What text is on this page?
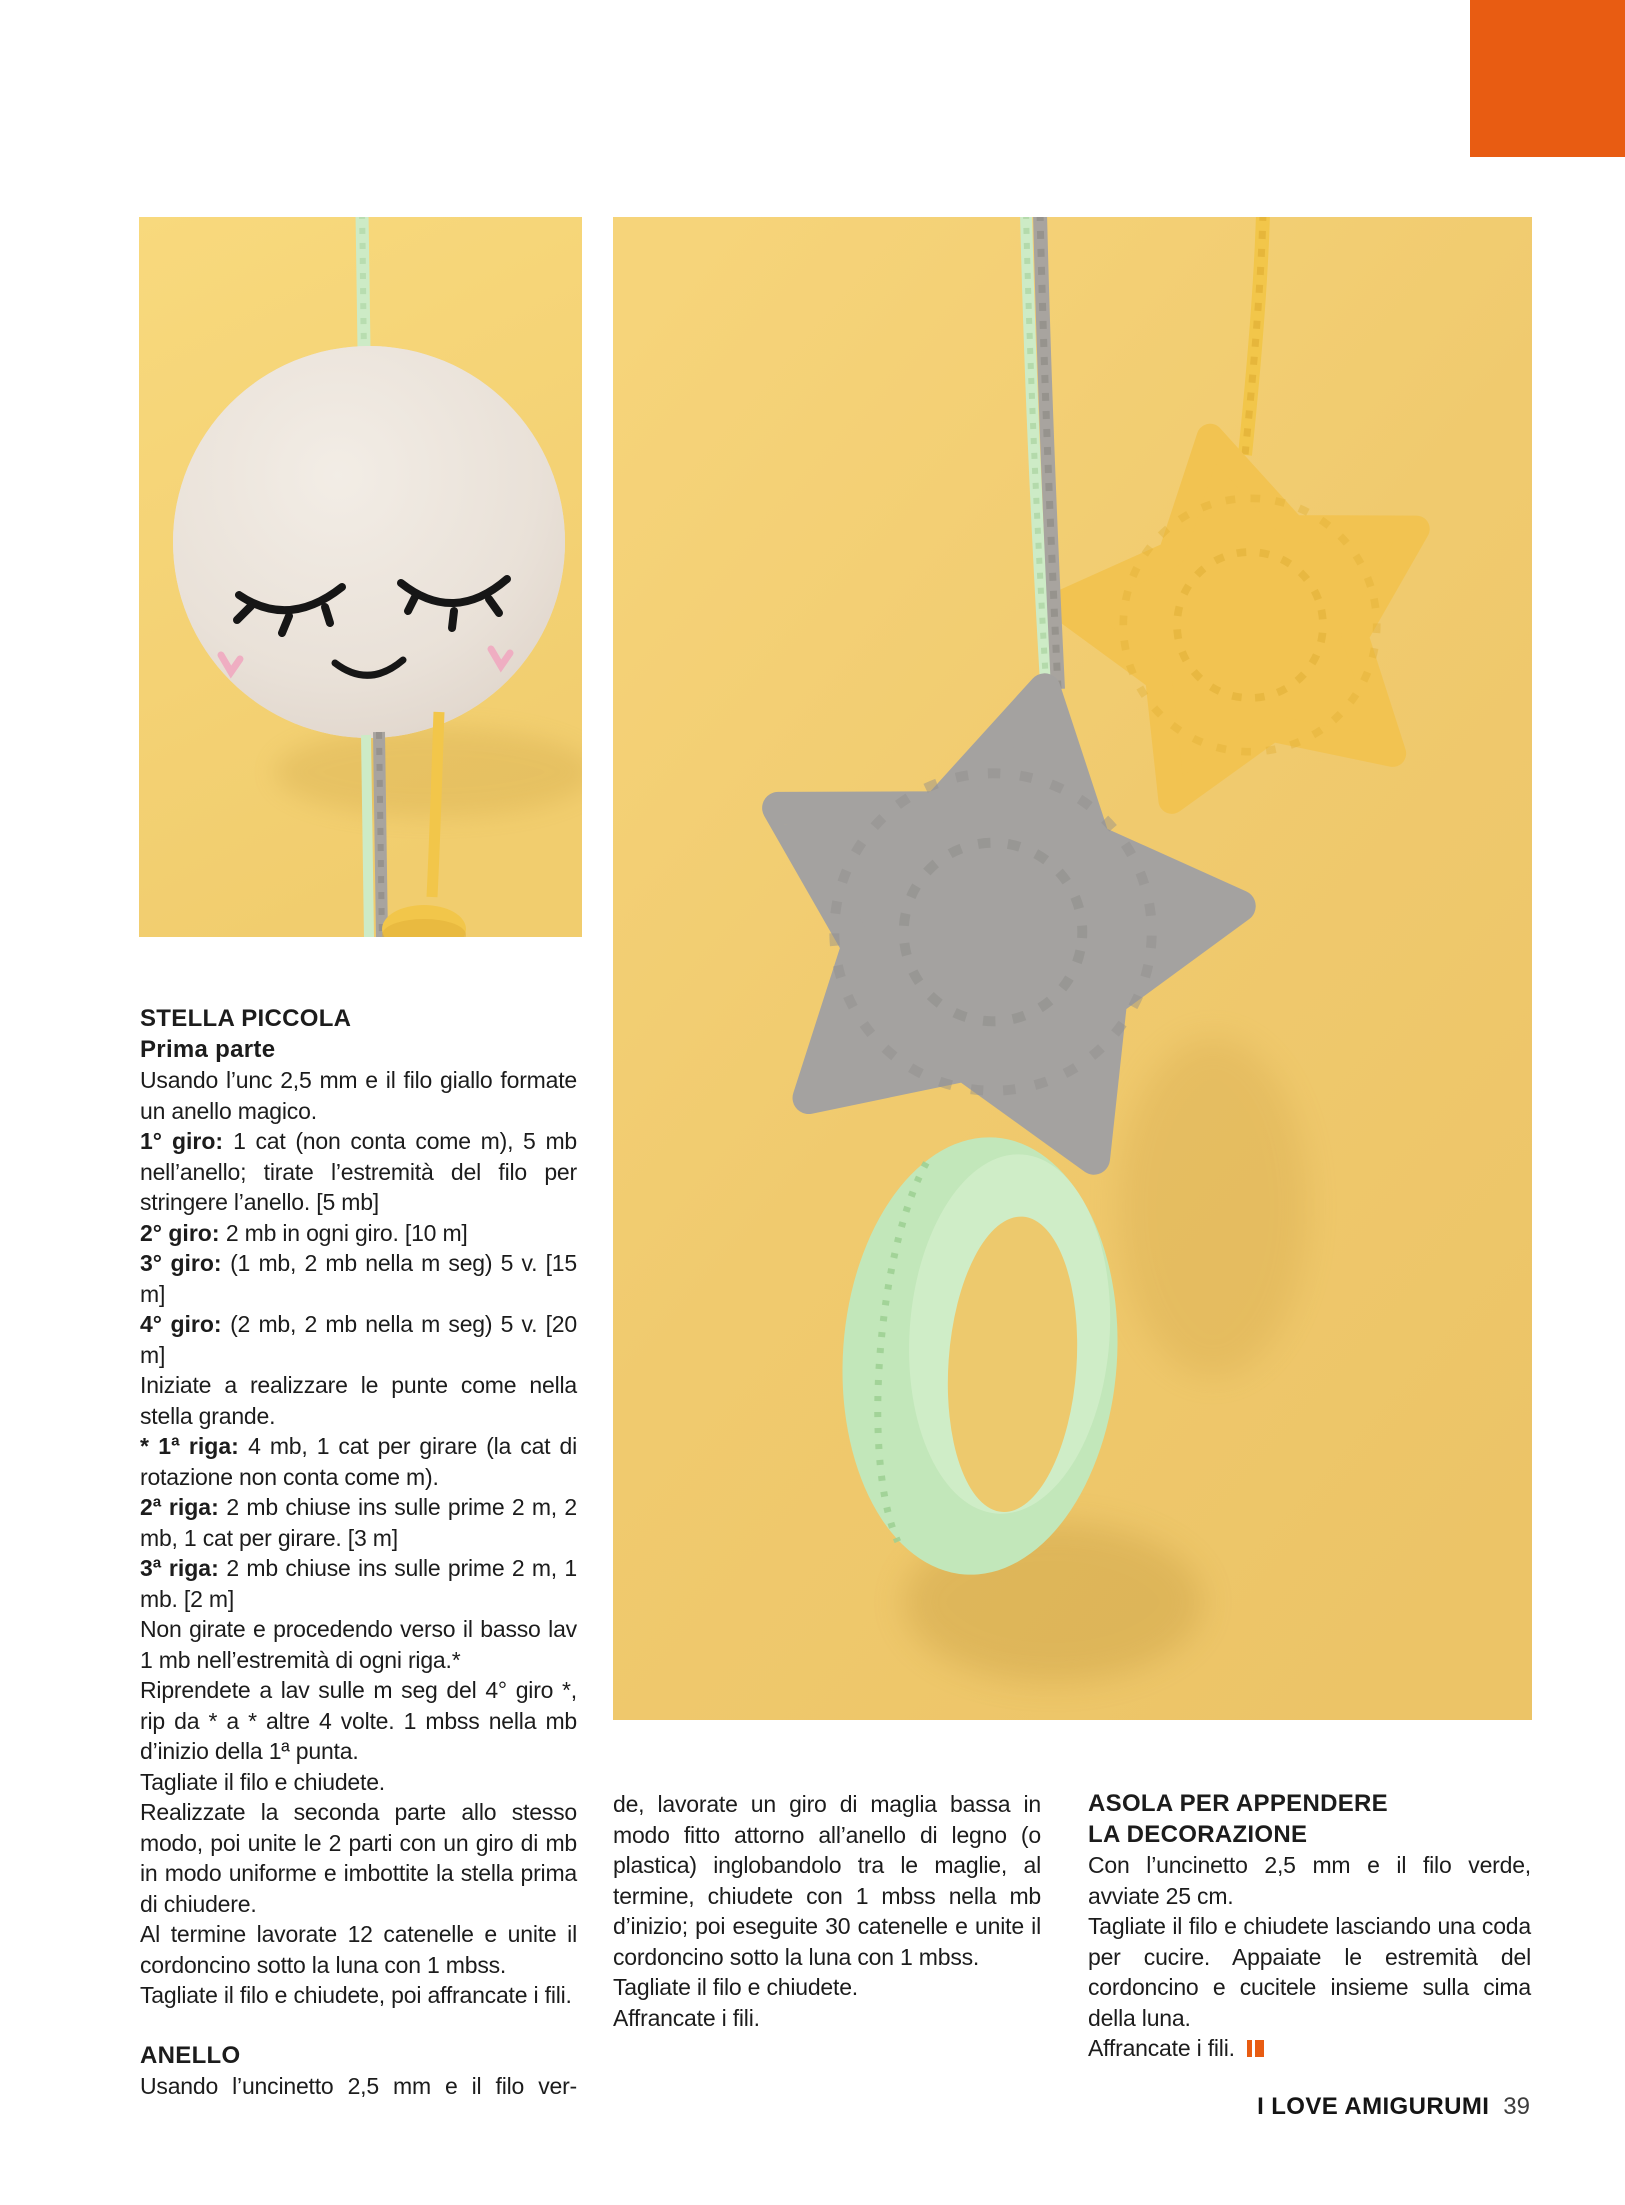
STELLA PICCOLA
Prima parte

Usando l’unc 2,5 mm e il filo giallo formate un anello magico.

1° giro: 1 cat (non conta come m), 5 mb nell’anello; tirate l’estremità del filo per stringere l’anello. [5 mb]

2° giro: 2 mb in ogni giro. [10 m]

3° giro: (1 mb, 2 mb nella m seg) 5 v. [15 m]

4° giro: (2 mb, 2 mb nella m seg) 5 v. [20 m]

Iniziate a realizzare le punte come nella stella grande.

* 1ª riga: 4 mb, 1 cat per girare (la cat di rotazione non conta come m).

2ª riga: 2 mb chiuse ins sulle prime 2 m, 2 mb, 1 cat per girare. [3 m]

3ª riga: 2 mb chiuse ins sulle prime 2 m, 1 mb. [2 m]

Non girate e procedendo verso il basso lav 1 mb nell’estremità di ogni riga.*

Riprendete a lav sulle m seg del 4° giro *, rip da * a * altre 4 volte. 1 mbss nella mb d’inizio della 1ª punta.

Tagliate il filo e chiudete.

Realizzate la seconda parte allo stesso modo, poi unite le 2 parti con un giro di mb in modo uniforme e imbottite la stella prima di chiudere.

Al termine lavorate 12 catenelle e unite il cordoncino sotto la luna con 1 mbss.

Tagliate il filo e chiudete, poi affrancate i fili.

ANELLO

Usando l’uncinetto 2,5 mm e il filo ver-

de, lavorate un giro di maglia bassa in modo fitto attorno all’anello di legno (o plastica) inglobandolo tra le maglie, al termine, chiudete con 1 mbss nella mb d’inizio; poi eseguite 30 catenelle e unite il cordoncino sotto la luna con 1 mbss.

Tagliate il filo e chiudete.

Affrancate i fili.

ASOLA PER APPENDERE
LA DECORAZIONE

Con l’uncinetto 2,5 mm e il filo verde, avviate 25 cm.

Tagliate il filo e chiudete lasciando una coda per cucire. Appaiate le estremità del cordoncino e cucitele insieme sulla cima della luna.

Affrancate i fili.

I LOVE AMIGURUMI 39
